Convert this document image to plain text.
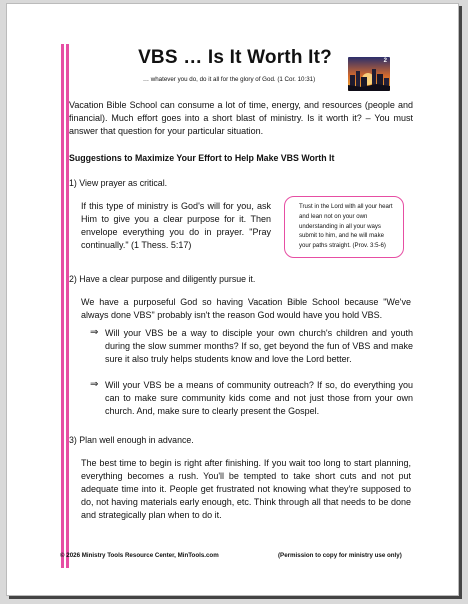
VBS … Is It Worth It?
… whatever you do, do it all for the glory of God. (1 Cor. 10:31)
2
Vacation Bible School can consume a lot of time, energy, and resources (people and financial). Much effort goes into a short blast of ministry. Is it worth it? – You must answer that question for your particular situation.
Suggestions to Maximize Your Effort to Help Make VBS Worth It
1) View prayer as critical.
If this type of ministry is God's will for you, ask Him to give you a clear purpose for it. Then envelope everything you do in prayer. "Pray continually." (1 Thess. 5:17)
Trust in the Lord with all your heart and lean not on your own understanding in all your ways submit to him, and he will make your paths straight. (Prov. 3:5-6)
2) Have a clear purpose and diligently pursue it.
We have a purposeful God so having Vacation Bible School because "We've always done VBS" probably isn't the reason God would have you hold VBS.
⇒ Will your VBS be a way to disciple your own church's children and youth during the slow summer months? If so, get beyond the fun of VBS and make sure it also truly helps students know and love the Lord better.
⇒ Will your VBS be a means of community outreach? If so, do everything you can to make sure community kids come and not just those from your own church. And, make sure to clearly present the Gospel.
3) Plan well enough in advance.
The best time to begin is right after finishing. If you wait too long to start planning, everything becomes a rush. You'll be tempted to take short cuts and not put adequate time into it. People get frustrated not knowing what they're supposed to do, not having materials early enough, etc. Think through all that needs to be done and strategically plan when to do it.
© 2026 Ministry Tools Resource Center, MinTools.com	(Permission to copy for ministry use only)
